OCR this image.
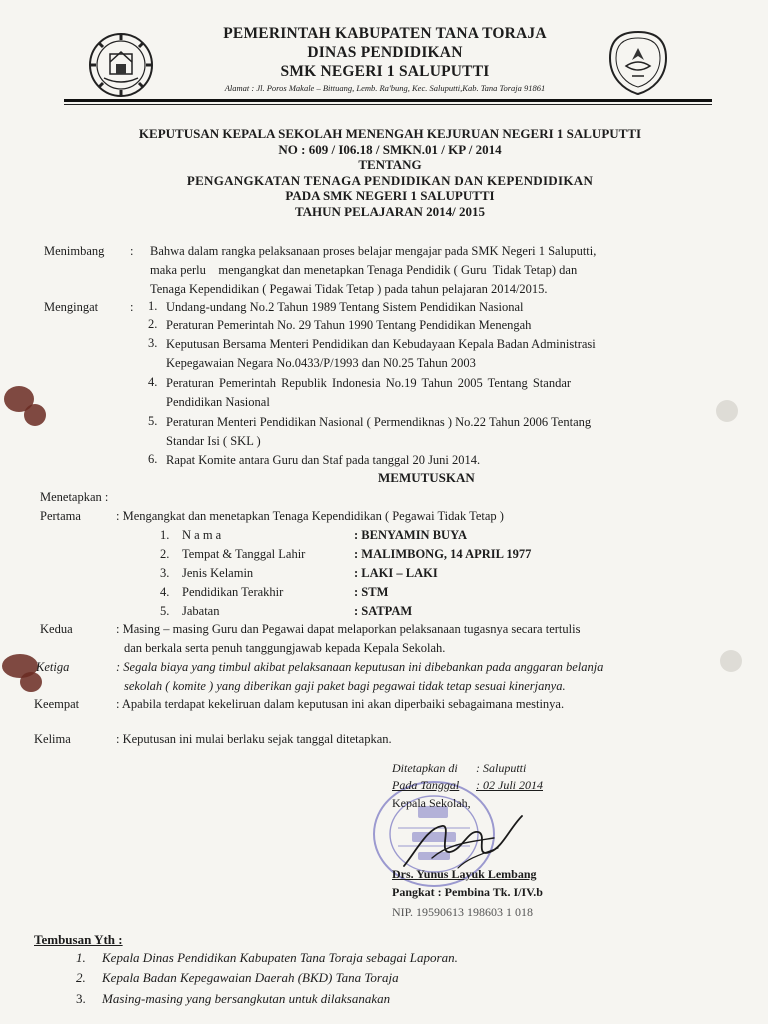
PEMERINTAH KABUPATEN TANA TORAJA
DINAS PENDIDIKAN
SMK NEGERI 1 SALUPUTTI
Alamat : Jl. Poros Makale – Bittuang, Lemb. Ra'bung, Kec. Saluputti,Kab. Tana Toraja 91861
KEPUTUSAN KEPALA SEKOLAH MENENGAH KEJURUAN NEGERI 1 SALUPUTTI
NO : 609 / I06.18 / SMKN.01 / KP / 2014
TENTANG
PENGANGKATAN TENAGA PENDIDIKAN DAN KEPENDIDIKAN
PADA SMK NEGERI 1 SALUPUTTI
TAHUN PELAJARAN 2014/ 2015
Menimbang : Bahwa dalam rangka pelaksanaan proses belajar mengajar pada SMK Negeri 1 Saluputti,
maka perlu    mengangkat dan menetapkan Tenaga Pendidik ( Guru  Tidak Tetap) dan
Tenaga Kependidikan ( Pegawai Tidak Tetap ) pada tahun pelajaran 2014/2015.
Mengingat	: 1. Undang-undang No.2 Tahun 1989 Tentang Sistem Pendidikan Nasional
2. Peraturan Pemerintah No. 29 Tahun 1990 Tentang Pendidikan Menengah
3. Keputusan Bersama Menteri Pendidikan dan Kebudayaan Kepala Badan Administrasi
Kepegawaian Negara No.0433/P/1993 dan N0.25 Tahun 2003
4. Peraturan Pemerintah Republik Indonesia No.19 Tahun 2005 Tentang Standar
Pendidikan Nasional
5. Peraturan Menteri Pendidikan Nasional ( Permendiknas ) No.22 Tahun 2006 Tentang
Standar Isi ( SKL )
6. Rapat Komite antara Guru dan Staf pada tanggal 20 Juni 2014.
MEMUTUSKAN
Menetapkan :
Pertama	: Mengangkat dan menetapkan Tenaga Kependidikan ( Pegawai Tidak Tetap )
1. N a m a	: BENYAMIN BUYA
2. Tempat & Tanggal Lahir	: MALIMBONG, 14 APRIL 1977
3. Jenis Kelamin	: LAKI – LAKI
4. Pendidikan Terakhir	: STM
5. Jabatan	: SATPAM
Kedua	: Masing – masing Guru dan Pegawai dapat melaporkan pelaksanaan tugasnya secara tertulis
dan berkala serta penuh tanggungjawab kepada Kepala Sekolah.
Ketiga	: Segala biaya yang timbul akibat pelaksanaan keputusan ini dibebankan pada anggaran belanja
sekolah ( komite ) yang diberikan gaji paket bagi pegawai tidak tetap sesuai kinerjanya.
Keempat	: Apabila terdapat kekeliruan dalam keputusan ini akan diperbaiki sebagaimana mestinya.
Kelima	: Keputusan ini mulai berlaku sejak tanggal ditetapkan.
Ditetapkan di : Saluputti
Pada Tanggal : 02 Juli 2014
Kepala Sekolah,
Drs. Yunus Layuk Lembang
Pangkat : Pembina Tk. I/IV.b
NIP. 19590613 198603 1 018
Tembusan Yth :
1. Kepala Dinas Pendidikan Kabupaten Tana Toraja sebagai Laporan.
2. Kepala Badan Kepegawaian Daerah (BKD) Tana Toraja
3. Masing-masing yang bersangkutan untuk dilaksanakan
